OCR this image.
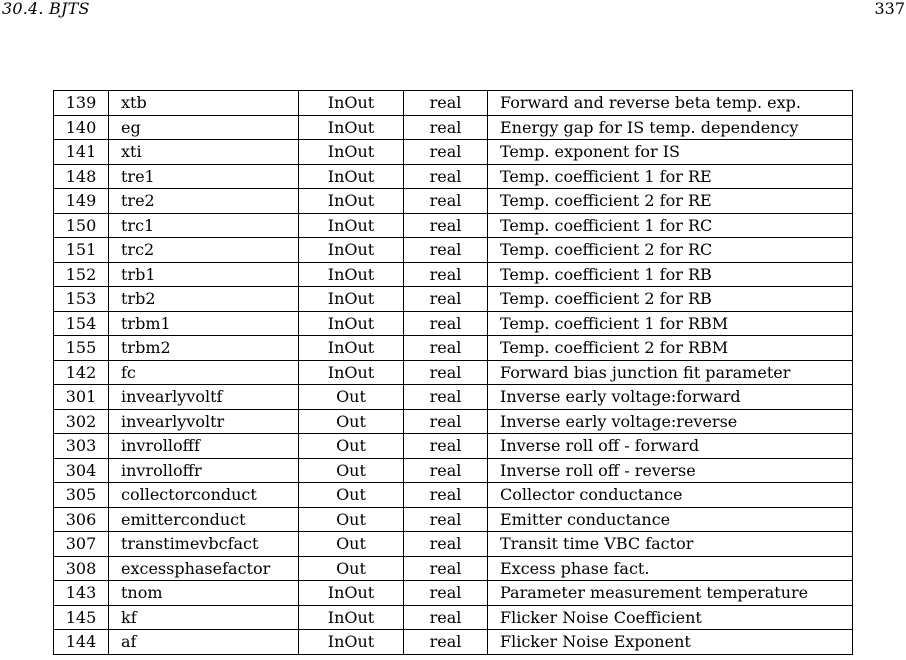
30.4. BJTS	337
139	xtb	InOut	real	Forward and reverse beta temp. exp.
140	eg	InOut	real	Energy gap for IS temp. dependency
141	xti	InOut	real	Temp. exponent for IS
148	tre1	InOut	real	Temp. coefficient 1 for RE
149	tre2	InOut	real	Temp. coefficient 2 for RE
150	trc1	InOut	real	Temp. coefficient 1 for RC
151	trc2	InOut	real	Temp. coefficient 2 for RC
152	trb1	InOut	real	Temp. coefficient 1 for RB
153	trb2	InOut	real	Temp. coefficient 2 for RB
154	trbm1	InOut	real	Temp. coefficient 1 for RBM
155	trbm2	InOut	real	Temp. coefficient 2 for RBM
142	fc	InOut	real	Forward bias junction fit parameter
301	invearlyvoltf	Out	real	Inverse early voltage:forward
302	invearlyvoltr	Out	real	Inverse early voltage:reverse
303	invrollofff	Out	real	Inverse roll off - forward
304	invrolloffr	Out	real	Inverse roll off - reverse
305	collectorconduct	Out	real	Collector conductance
306	emitterconduct	Out	real	Emitter conductance
307	transtimevbcfact	Out	real	Transit time VBC factor
308	excessphasefactor	Out	real	Excess phase fact.
143	tnom	InOut	real	Parameter measurement temperature
145	kf	InOut	real	Flicker Noise Coefficient
144	af	InOut	real	Flicker Noise Exponent
